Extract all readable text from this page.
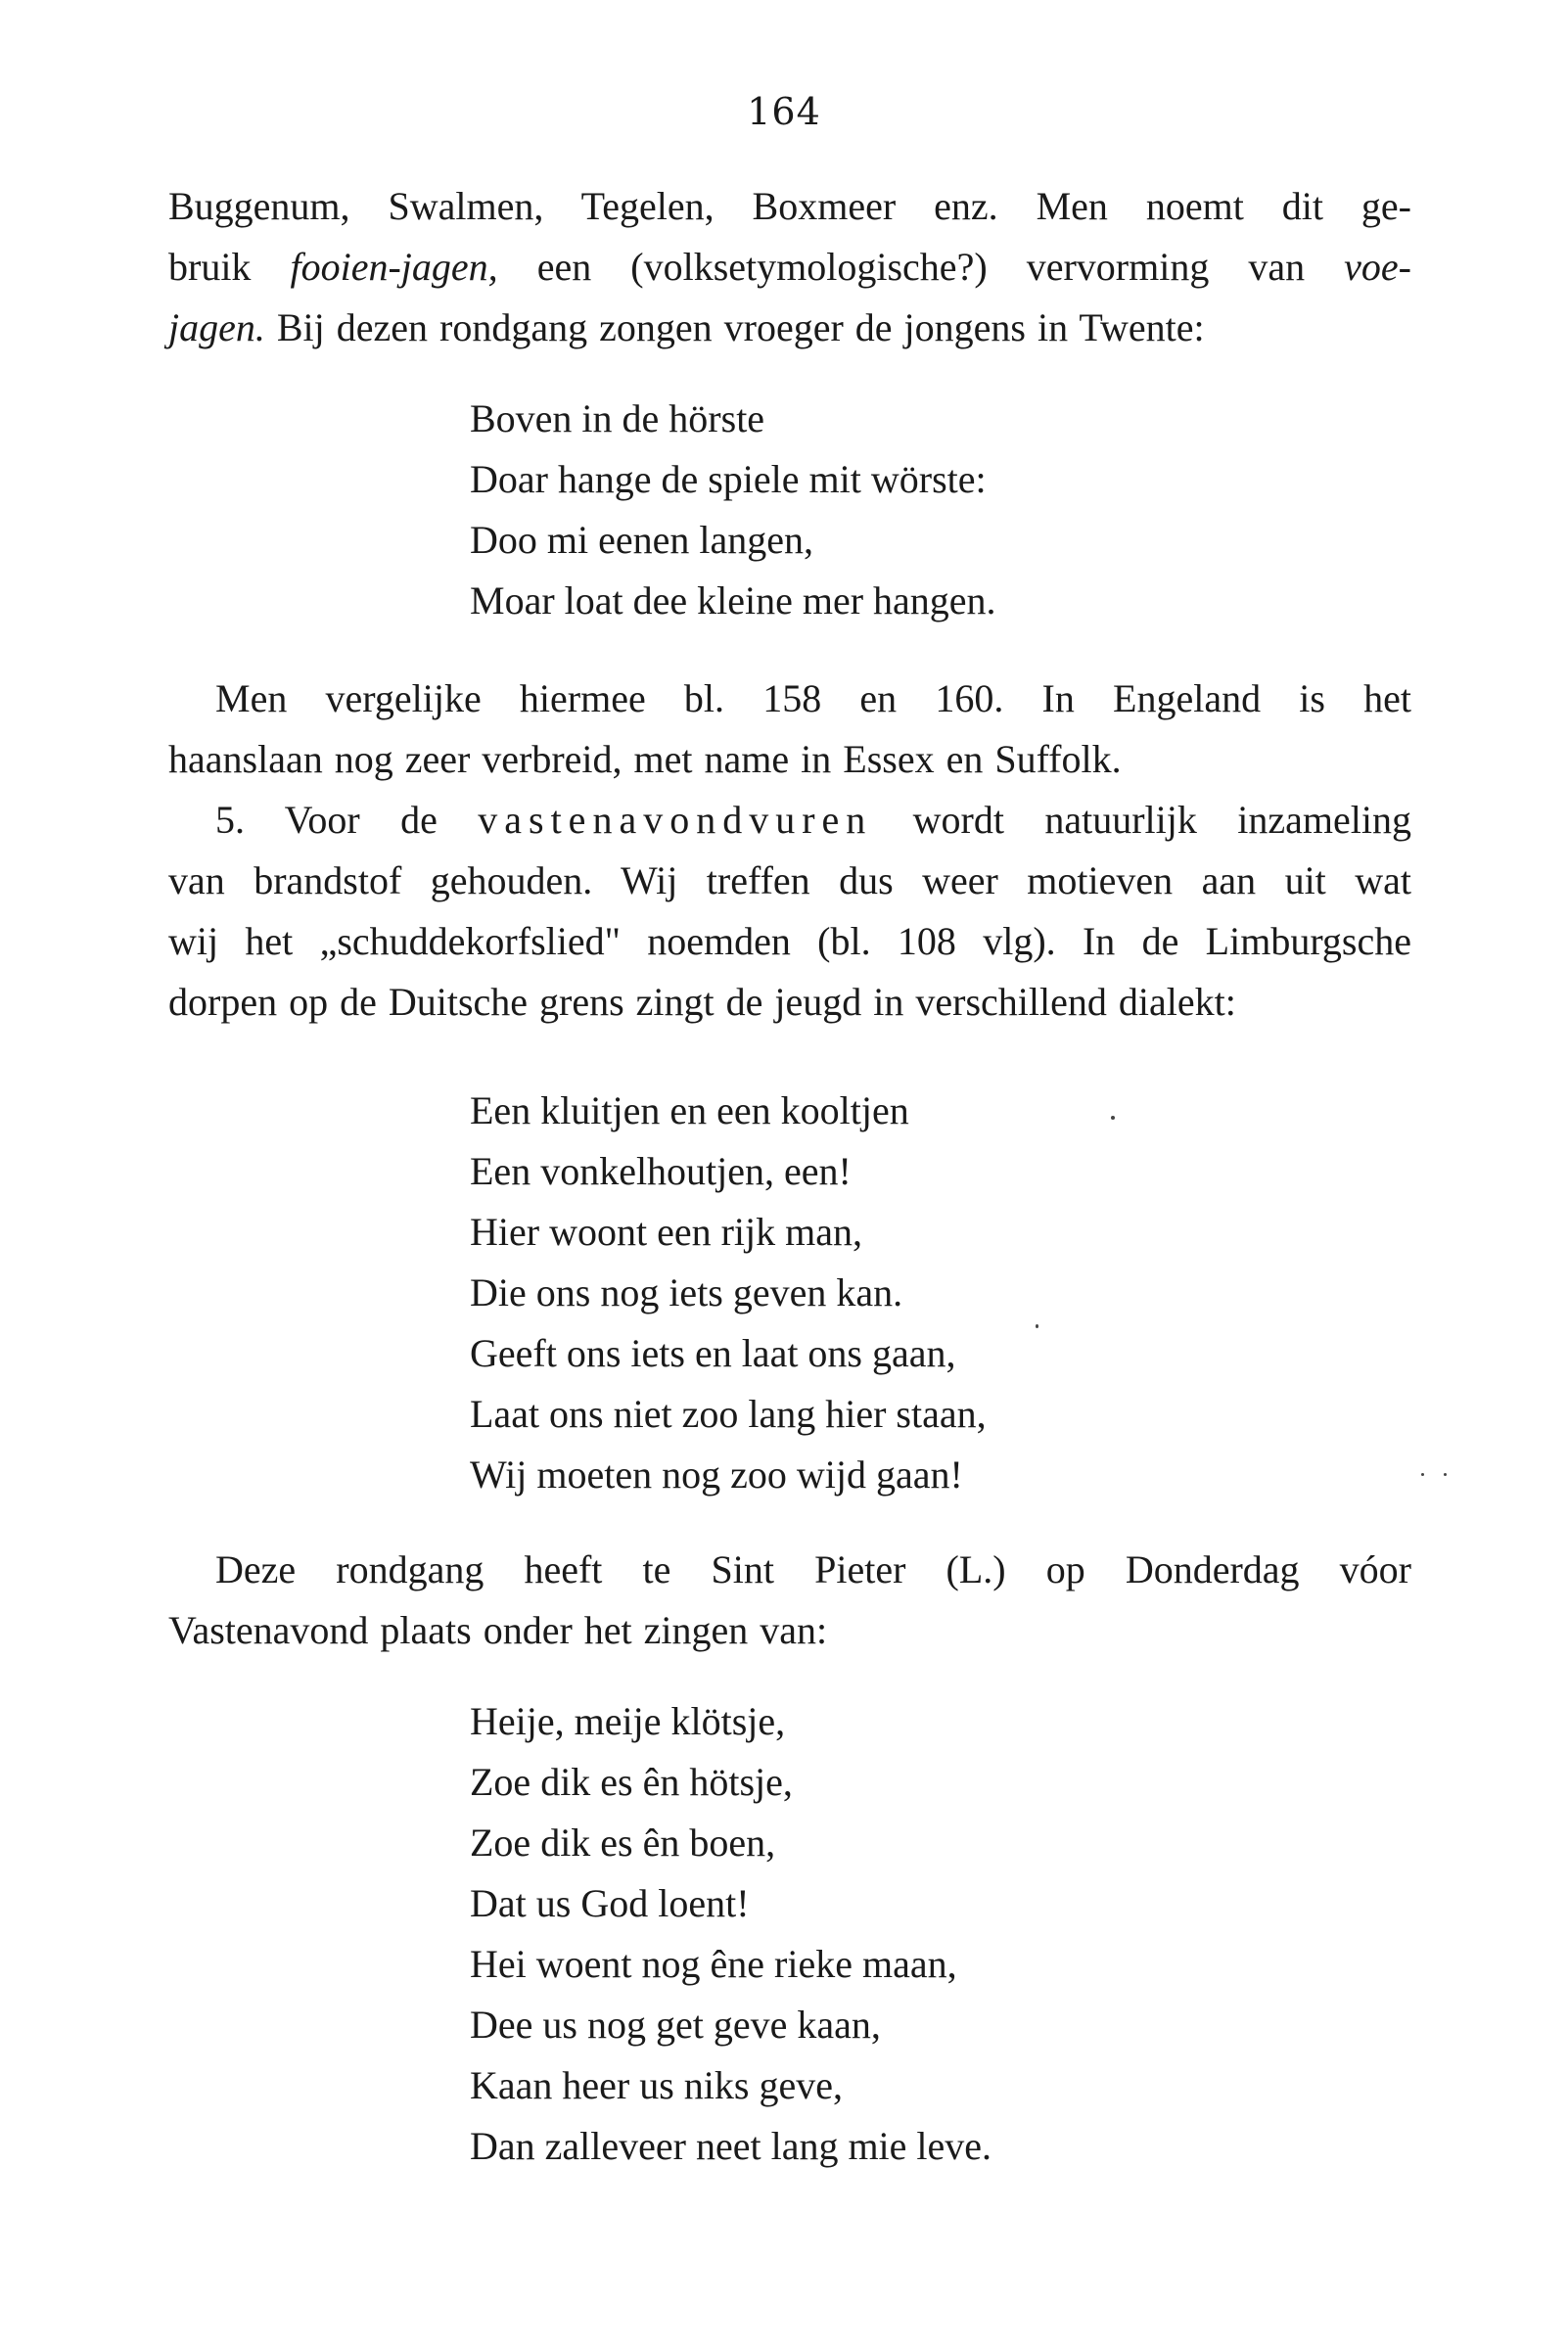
164
Buggenum, Swalmen, Tegelen, Boxmeer enz. Men noemt dit ge-
bruik fooien-jagen, een (volksetymologische?) vervorming van voe-
jagen. Bij dezen rondgang zongen vroeger de jongens in Twente:
Boven in de hörste
Doar hange de spiele mit wörste:
Doo mi eenen langen,
Moar loat dee kleine mer hangen.
Men vergelijke hiermee bl. 158 en 160. In Engeland is het
haanslaan nog zeer verbreid, met name in Essex en Suffolk.
5. Voor de vastenavondvuren wordt natuurlijk inzameling
van brandstof gehouden. Wij treffen dus weer motieven aan uit wat
wij het „schuddekorfslied" noemden (bl. 108 vlg). In de Limburgsche
dorpen op de Duitsche grens zingt de jeugd in verschillend dialekt:
Een kluitjen en een kooltjen
Een vonkelhoutjen, een!
Hier woont een rijk man,
Die ons nog iets geven kan.
Geeft ons iets en laat ons gaan,
Laat ons niet zoo lang hier staan,
Wij moeten nog zoo wijd gaan!
Deze rondgang heeft te Sint Pieter (L.) op Donderdag vóor
Vastenavond plaats onder het zingen van:
Heije, meije klötsje,
Zoe dik es ên hötsje,
Zoe dik es ên boen,
Dat us God loent!
Hei woent nog êne rieke maan,
Dee us nog get geve kaan,
Kaan heer us niks geve,
Dan zalleveer neet lang mie leve.
